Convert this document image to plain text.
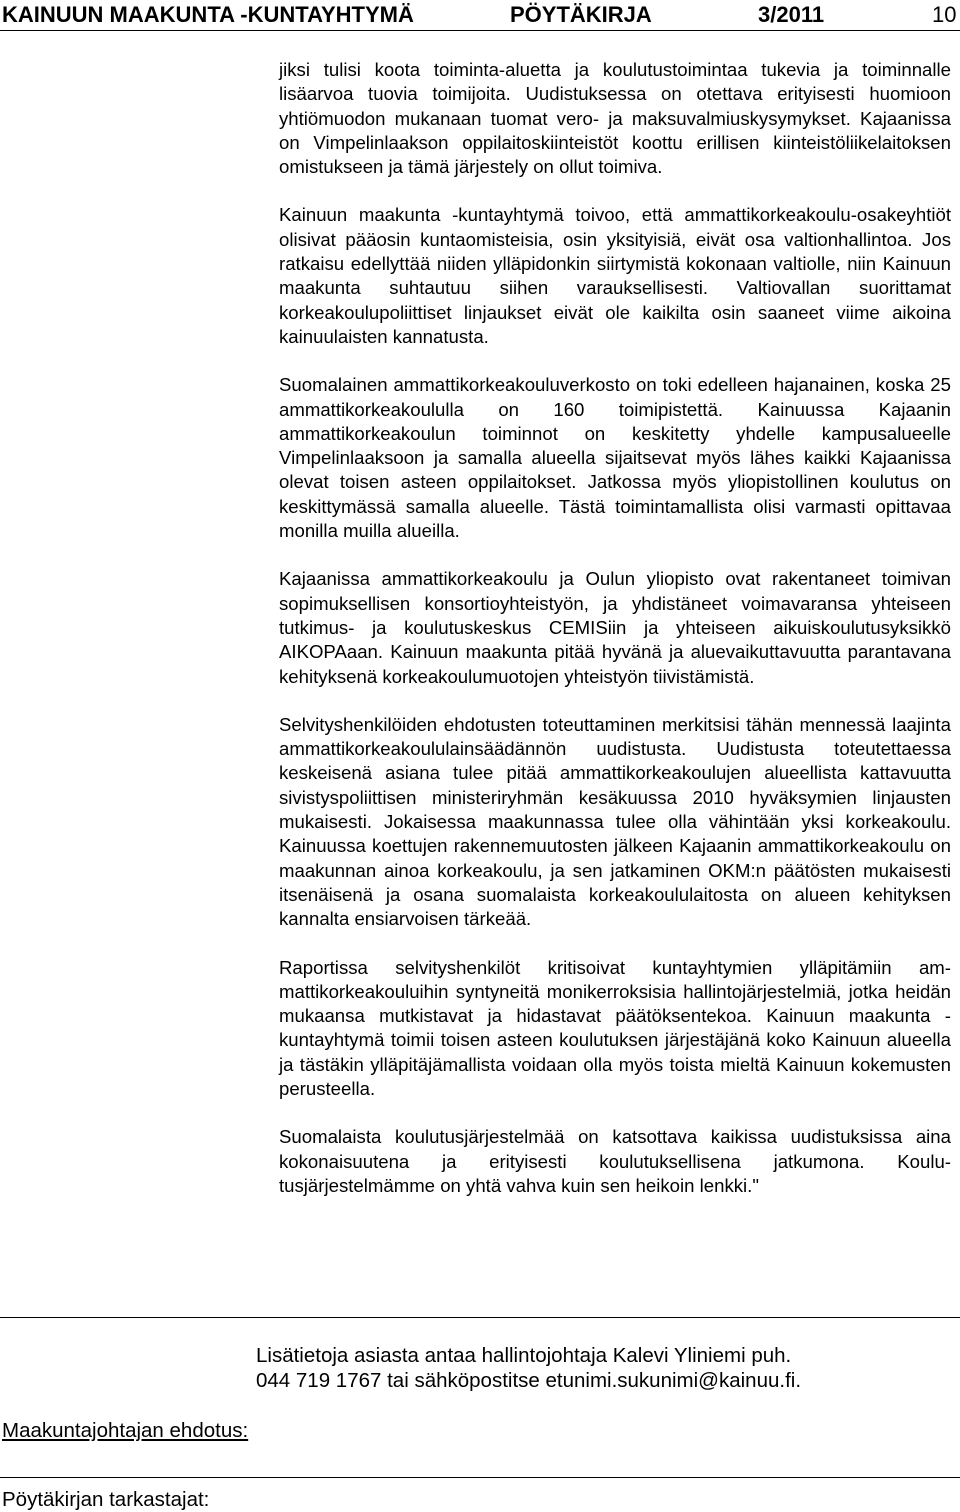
KAINUUN MAAKUNTA -KUNTAYHTYMÄ	PÖYTÄKIRJA	3/2011	10

jiksi tulisi koota toiminta-aluetta ja koulutustoimintaa tukevia ja toiminnalle lisäarvoa tuovia toimijoita. Uudistuksessa on otettava erityisesti huomioon yhtiömuodon mukanaan tuomat vero- ja maksuvalmiuskysymykset. Kajaanissa on Vimpelinlaakson oppilaitoskiinteistöt koottu erillisen kiinteistöliikelaitoksen omistukseen ja tämä järjestely on ollut toimiva.

Kainuun maakunta -kuntayhtymä toivoo, että ammattikorkeakoulu-osakeyhtiöt olisivat pääosin kuntaomisteisia, osin yksityisiä, eivät osa valtionhallintoa. Jos ratkaisu edellyttää niiden ylläpidonkin siirtymistä kokonaan valtiolle, niin Kainuun maakunta suhtautuu siihen varauksellisesti. Valtiovallan suorittamat korkeakoulupoliittiset linjaukset eivät ole kaikilta osin saaneet viime aikoina kainuulaisten kannatusta.

Suomalainen ammattikorkeakouluverkosto on toki edelleen hajanainen, koska 25 ammattikorkeakoululla on 160 toimipistettä. Kainuussa Kajaanin ammattikorkeakoulun toiminnot on keskitetty yhdelle kampusalueelle Vimpelinlaaksoon ja samalla alueella sijaitsevat myös lähes kaikki Kajaanissa olevat toisen asteen oppilaitokset. Jatkossa myös yliopistollinen koulutus on keskittymässä samalla alueelle. Tästä toimintamallista olisi varmasti opittavaa monilla muilla alueilla.

Kajaanissa ammattikorkeakoulu ja Oulun yliopisto ovat rakentaneet toimivan sopimuksellisen konsortioyhteistyön, ja yhdistäneet voimavaransa yhteiseen tutkimus- ja koulutuskeskus CEMISiin ja yhteiseen aikuiskoulutusyksikkö AIKOPAaan. Kainuun maakunta pitää hyvänä ja aluevaikuttavuutta parantavana kehityksenä korkeakoulumuotojen yhteistyön tiivistämistä.

Selvityshenkilöiden ehdotusten toteuttaminen merkitsisi tähän mennessä laajinta ammattikorkeakoululainsäädännön uudistusta. Uudistusta toteutettaessa keskeisenä asiana tulee pitää ammattikorkeakoulujen alueellista kattavuutta sivistyspoliittisen ministeriryhmän kesäkuussa 2010 hyväksymien linjausten mukaisesti. Jokaisessa maakunnassa tulee olla vähintään yksi korkeakoulu. Kainuussa koettujen rakennemuutosten jälkeen Kajaanin ammattikorkeakoulu on maakunnan ainoa korkeakoulu, ja sen jatkaminen OKM:n päätösten mukaisesti itsenäisenä ja osana suomalaista korkeakoululaitosta on alueen kehityksen kannalta ensiarvoisen tärkeää.

Raportissa selvityshenkilöt kritisoivat kuntayhtymien ylläpitämiin ammattikorkeakouluihin syntyneitä monikerroksisia hallintojärjestelmiä, jotka heidän mukaansa mutkistavat ja hidastavat päätöksentekoa. Kainuun maakunta -kuntayhtymä toimii toisen asteen koulutuksen järjestäjänä koko Kainuun alueella ja tästäkin ylläpitäjämallista voidaan olla myös toista mieltä Kainuun kokemusten perusteella.

Suomalaista koulutusjärjestelmää on katsottava kaikissa uudistuksissa aina kokonaisuutena ja erityisesti koulutuksellisena jatkumona. Koulutusjärjestelmämme on yhtä vahva kuin sen heikoin lenkki."

Lisätietoja asiasta antaa hallintojohtaja Kalevi Yliniemi puh.
044 719 1767 tai sähköpostitse etunimi.sukunimi@kainuu.fi.
Maakuntajohtajan ehdotus:
Pöytäkirjan tarkastajat:
